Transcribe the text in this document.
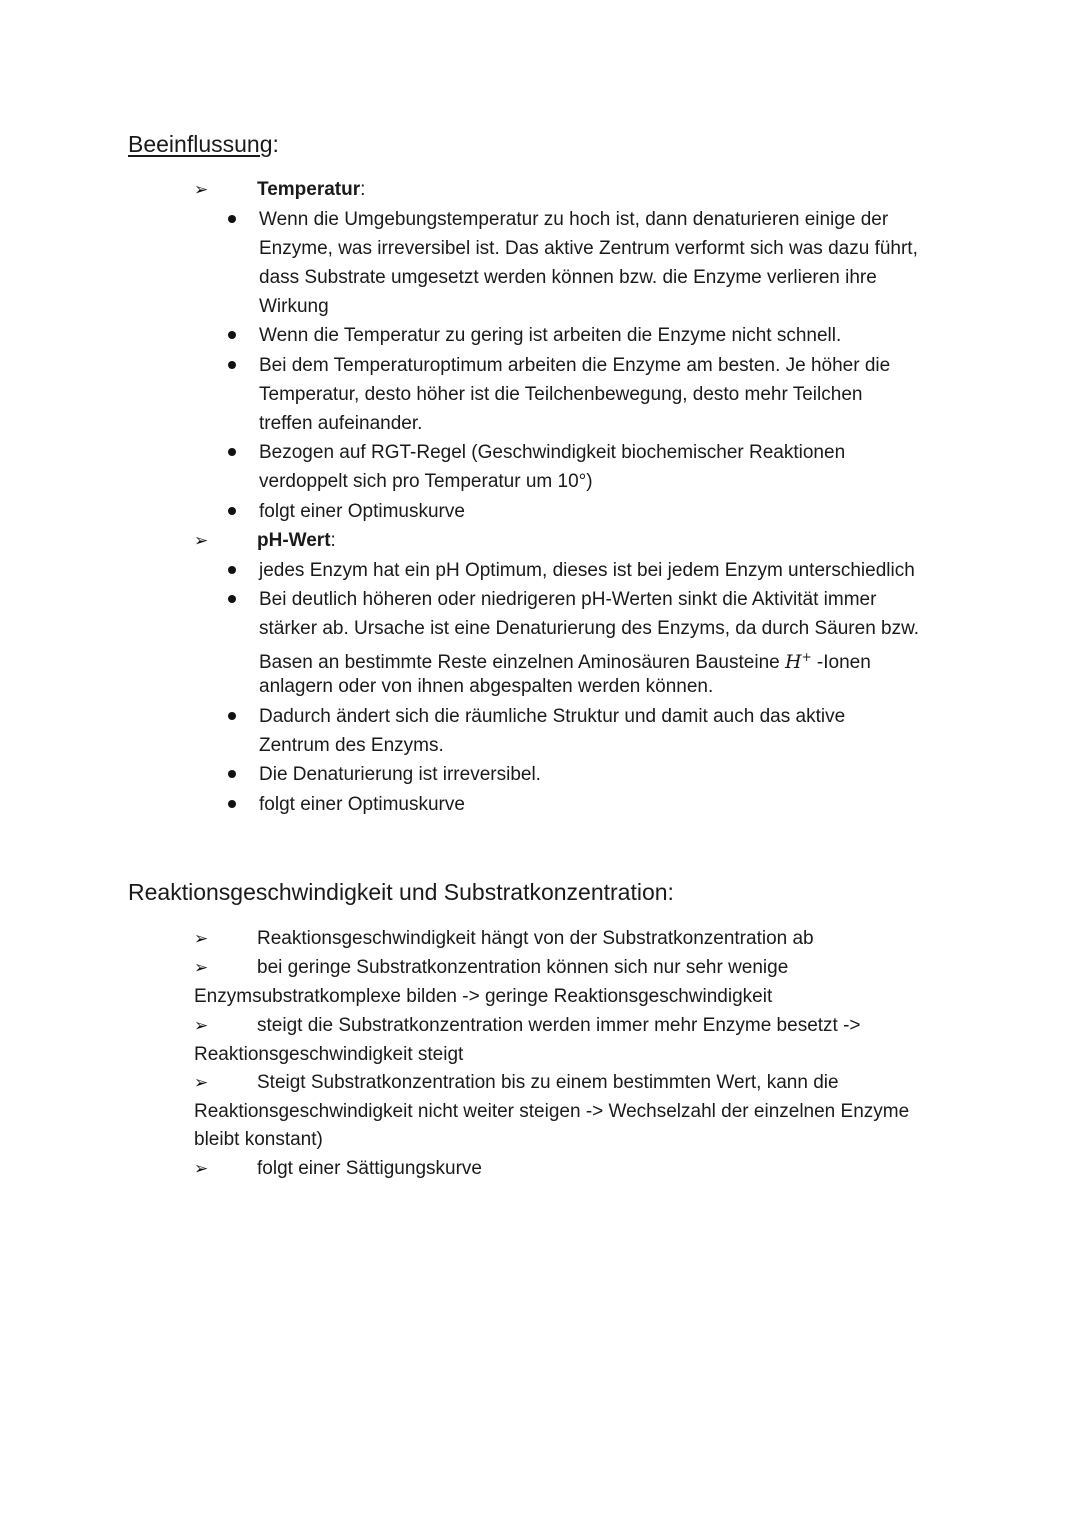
Beeinflussung:
➢	Temperatur:
Wenn die Umgebungstemperatur zu hoch ist, dann denaturieren einige der
Enzyme, was irreversibel ist. Das aktive Zentrum verformt sich was dazu führt,
dass Substrate umgesetzt werden können bzw. die Enzyme verlieren ihre
Wirkung
Wenn die Temperatur zu gering ist arbeiten die Enzyme nicht schnell.
Bei dem Temperaturoptimum arbeiten die Enzyme am besten. Je höher die
Temperatur, desto höher ist die Teilchenbewegung, desto mehr Teilchen
treffen aufeinander.
Bezogen auf RGT-Regel (Geschwindigkeit biochemischer Reaktionen
verdoppelt sich pro Temperatur um 10°)
folgt einer Optimuskurve
➢	pH-Wert:
jedes Enzym hat ein pH Optimum, dieses ist bei jedem Enzym unterschiedlich
Bei deutlich höheren oder niedrigeren pH-Werten sinkt die Aktivität immer
stärker ab. Ursache ist eine Denaturierung des Enzyms, da durch Säuren bzw.
Basen an bestimmte Reste einzelnen Aminosäuren Bausteine H+ -Ionen
anlagern oder von ihnen abgespalten werden können.
Dadurch ändert sich die räumliche Struktur und damit auch das aktive
Zentrum des Enzyms.
Die Denaturierung ist irreversibel.
folgt einer Optimuskurve
Reaktionsgeschwindigkeit und Substratkonzentration:
➢	Reaktionsgeschwindigkeit hängt von der Substratkonzentration ab
➢	bei geringe Substratkonzentration können sich nur sehr wenige
Enzymsubstratkomplexe bilden -> geringe Reaktionsgeschwindigkeit
➢	steigt die Substratkonzentration werden immer mehr Enzyme besetzt ->
Reaktionsgeschwindigkeit steigt
➢	Steigt Substratkonzentration bis zu einem bestimmten Wert, kann die
Reaktionsgeschwindigkeit nicht weiter steigen -> Wechselzahl der einzelnen Enzyme
bleibt konstant)
➢	folgt einer Sättigungskurve
